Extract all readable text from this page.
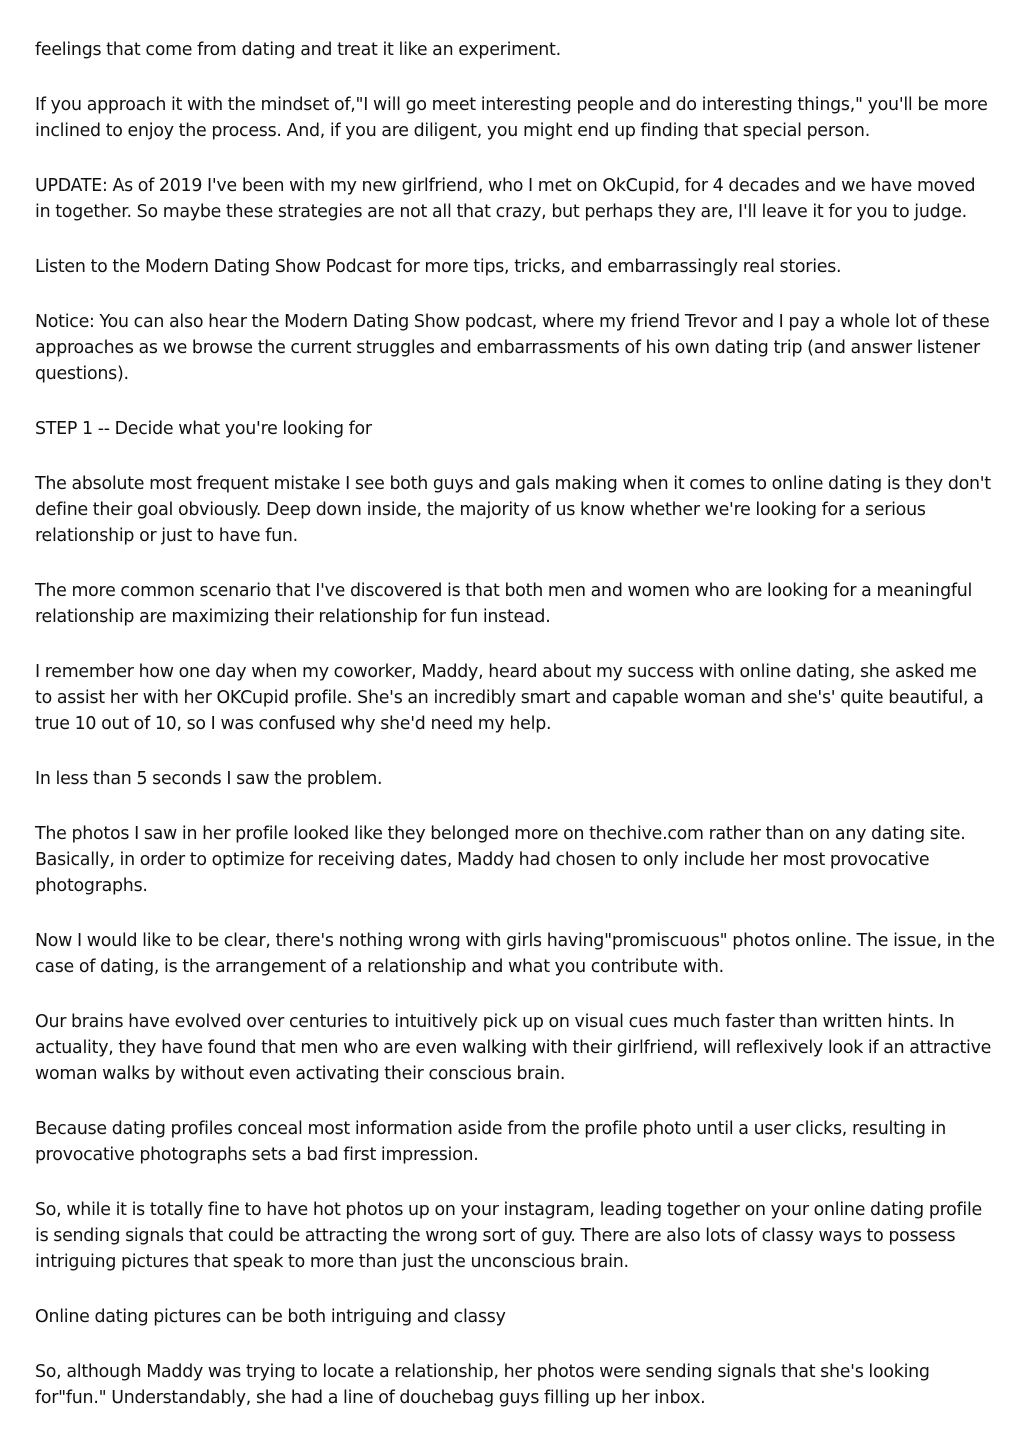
feelings that come from dating and treat it like an experiment.

If you approach it with the mindset of,"I will go meet interesting people and do interesting things," you'll be more inclined to enjoy the process. And, if you are diligent, you might end up finding that special person.

UPDATE: As of 2019 I've been with my new girlfriend, who I met on OkCupid, for 4 decades and we have moved in together. So maybe these strategies are not all that crazy, but perhaps they are, I'll leave it for you to judge.

Listen to the Modern Dating Show Podcast for more tips, tricks, and embarrassingly real stories.

Notice: You can also hear the Modern Dating Show podcast, where my friend Trevor and I pay a whole lot of these approaches as we browse the current struggles and embarrassments of his own dating trip (and answer listener questions).

STEP 1 -- Decide what you're looking for

The absolute most frequent mistake I see both guys and gals making when it comes to online dating is they don't define their goal obviously. Deep down inside, the majority of us know whether we're looking for a serious relationship or just to have fun.

The more common scenario that I've discovered is that both men and women who are looking for a meaningful relationship are maximizing their relationship for fun instead.

I remember how one day when my coworker, Maddy, heard about my success with online dating, she asked me to assist her with her OKCupid profile. She's an incredibly smart and capable woman and she's' quite beautiful, a true 10 out of 10, so I was confused why she'd need my help.

In less than 5 seconds I saw the problem.

The photos I saw in her profile looked like they belonged more on thechive.com rather than on any dating site. Basically, in order to optimize for receiving dates, Maddy had chosen to only include her most provocative photographs.

Now I would like to be clear, there's nothing wrong with girls having"promiscuous" photos online. The issue, in the case of dating, is the arrangement of a relationship and what you contribute with.

Our brains have evolved over centuries to intuitively pick up on visual cues much faster than written hints. In actuality, they have found that men who are even walking with their girlfriend, will reflexively look if an attractive woman walks by without even activating their conscious brain.

Because dating profiles conceal most information aside from the profile photo until a user clicks, resulting in provocative photographs sets a bad first impression.

So, while it is totally fine to have hot photos up on your instagram, leading together on your online dating profile is sending signals that could be attracting the wrong sort of guy. There are also lots of classy ways to possess intriguing pictures that speak to more than just the unconscious brain.

Online dating pictures can be both intriguing and classy

So, although Maddy was trying to locate a relationship, her photos were sending signals that she's looking for"fun." Understandably, she had a line of douchebag guys filling up her inbox.
